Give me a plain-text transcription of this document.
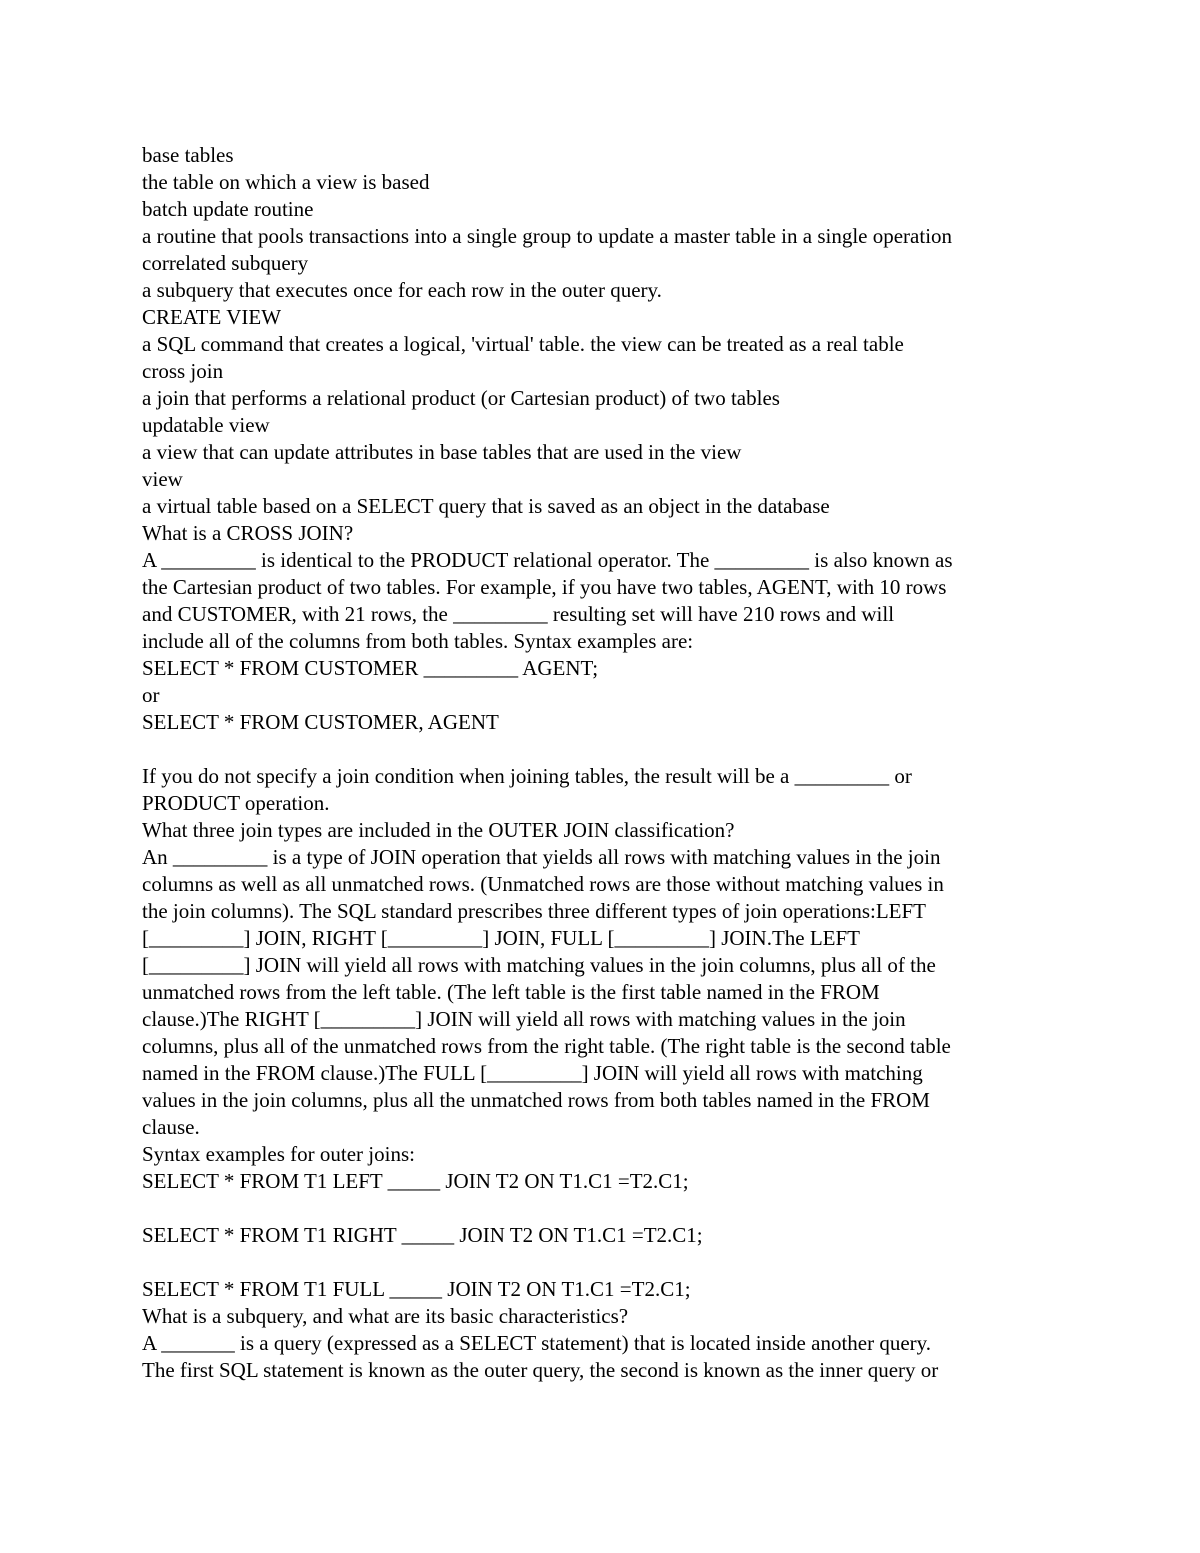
base tables
the table on which a view is based
batch update routine
a routine that pools transactions into a single group to update a master table in a single operation
correlated subquery
a subquery that executes once for each row in the outer query.
CREATE VIEW
a SQL command that creates a logical, 'virtual' table. the view can be treated as a real table
cross join
a join that performs a relational product (or Cartesian product) of two tables
updatable view
a view that can update attributes in base tables that are used in the view
view
a virtual table based on a SELECT query that is saved as an object in the database
What is a CROSS JOIN?
A _________ is identical to the PRODUCT relational operator. The _________ is also known as
the Cartesian product of two tables. For example, if you have two tables, AGENT, with 10 rows
and CUSTOMER, with 21 rows, the _________ resulting set will have 210 rows and will
include all of the columns from both tables. Syntax examples are:
SELECT * FROM CUSTOMER _________ AGENT;
or
SELECT * FROM CUSTOMER, AGENT
If you do not specify a join condition when joining tables, the result will be a _________ or
PRODUCT operation.
What three join types are included in the OUTER JOIN classification?
An _________ is a type of JOIN operation that yields all rows with matching values in the join
columns as well as all unmatched rows. (Unmatched rows are those without matching values in
the join columns). The SQL standard prescribes three different types of join operations:LEFT
[_________] JOIN, RIGHT [_________] JOIN, FULL [_________] JOIN.The LEFT
[_________] JOIN will yield all rows with matching values in the join columns, plus all of the
unmatched rows from the left table. (The left table is the first table named in the FROM
clause.)The RIGHT [_________] JOIN will yield all rows with matching values in the join
columns, plus all of the unmatched rows from the right table. (The right table is the second table
named in the FROM clause.)The FULL [_________] JOIN will yield all rows with matching
values in the join columns, plus all the unmatched rows from both tables named in the FROM
clause.
Syntax examples for outer joins:
SELECT * FROM T1 LEFT _____ JOIN T2 ON T1.C1 =T2.C1;
SELECT * FROM T1 RIGHT _____ JOIN T2 ON T1.C1 =T2.C1;
SELECT * FROM T1 FULL _____ JOIN T2 ON T1.C1 =T2.C1;
What is a subquery, and what are its basic characteristics?
A _______ is a query (expressed as a SELECT statement) that is located inside another query.
The first SQL statement is known as the outer query, the second is known as the inner query or
